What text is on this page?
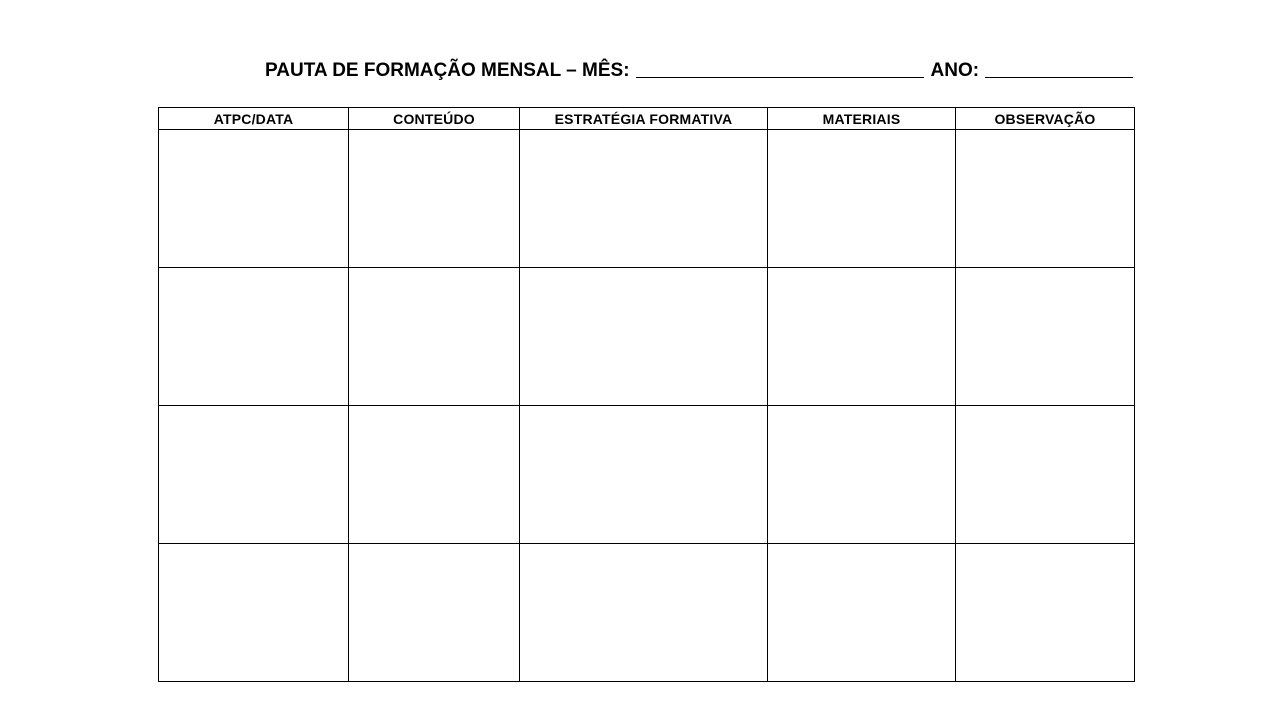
PAUTA DE FORMAÇÃO MENSAL – MÊS:	ANO:
ATPC/DATA	CONTEÚDO	ESTRATÉGIA FORMATIVA	MATERIAIS	OBSERVAÇÃO
